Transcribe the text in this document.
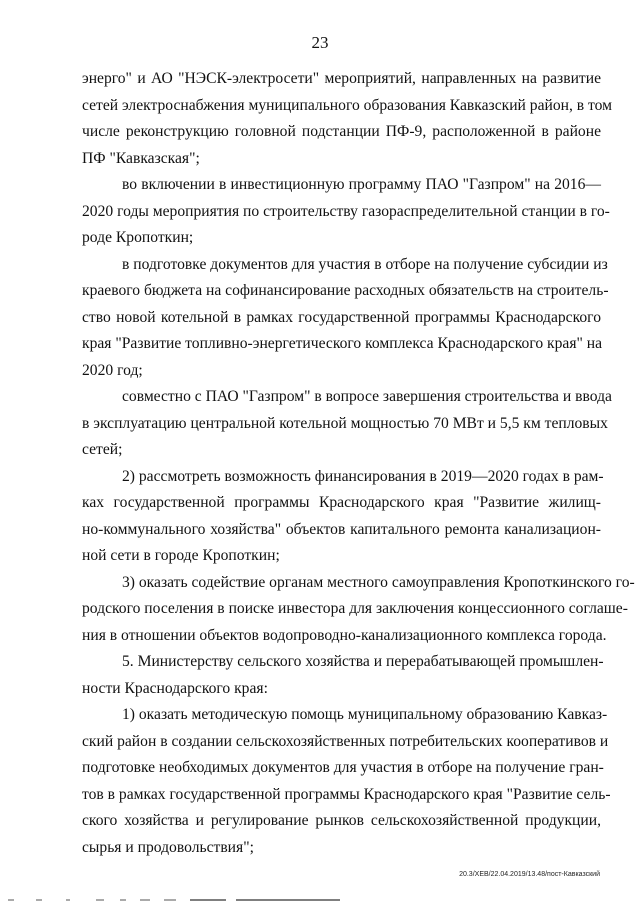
23
энерго" и АО "НЭСК-электросети" мероприятий, направленных на развитие
сетей электроснабжения муниципального образования Кавказский район, в том
числе реконструкцию головной подстанции ПФ-9, расположенной в районе
ПФ "Кавказская";
во включении в инвестиционную программу ПАО "Газпром" на 2016—
2020 годы мероприятия по строительству газораспределительной станции в го-
роде Кропоткин;
в подготовке документов для участия в отборе на получение субсидии из
краевого бюджета на софинансирование расходных обязательств на строитель-
ство новой котельной в рамках государственной программы Краснодарского
края "Развитие топливно-энергетического комплекса Краснодарского края" на
2020 год;
совместно с ПАО "Газпром" в вопросе завершения строительства и ввода
в эксплуатацию центральной котельной мощностью 70 МВт и 5,5 км тепловых
сетей;
2) рассмотреть возможность финансирования в 2019—2020 годах в рам-
ках государственной программы Краснодарского края "Развитие жилищ-
но-коммунального хозяйства" объектов капитального ремонта канализацион-
ной сети в городе Кропоткин;
3) оказать содействие органам местного самоуправления Кропоткинского го-
родского поселения в поиске инвестора для заключения концессионного соглаше-
ния в отношении объектов водопроводно-канализационного комплекса города.
5. Министерству сельского хозяйства и перерабатывающей промышлен-
ности Краснодарского края:
1) оказать методическую помощь муниципальному образованию Кавказ-
ский район в создании сельскохозяйственных потребительских кооперативов и
подготовке необходимых документов для участия в отборе на получение гран-
тов в рамках государственной программы Краснодарского края "Развитие сель-
ского хозяйства и регулирование рынков сельскохозяйственной продукции,
сырья и продовольствия";
20.3/ХЕВ/22.04.2019/13.48/пост-Кавказский
